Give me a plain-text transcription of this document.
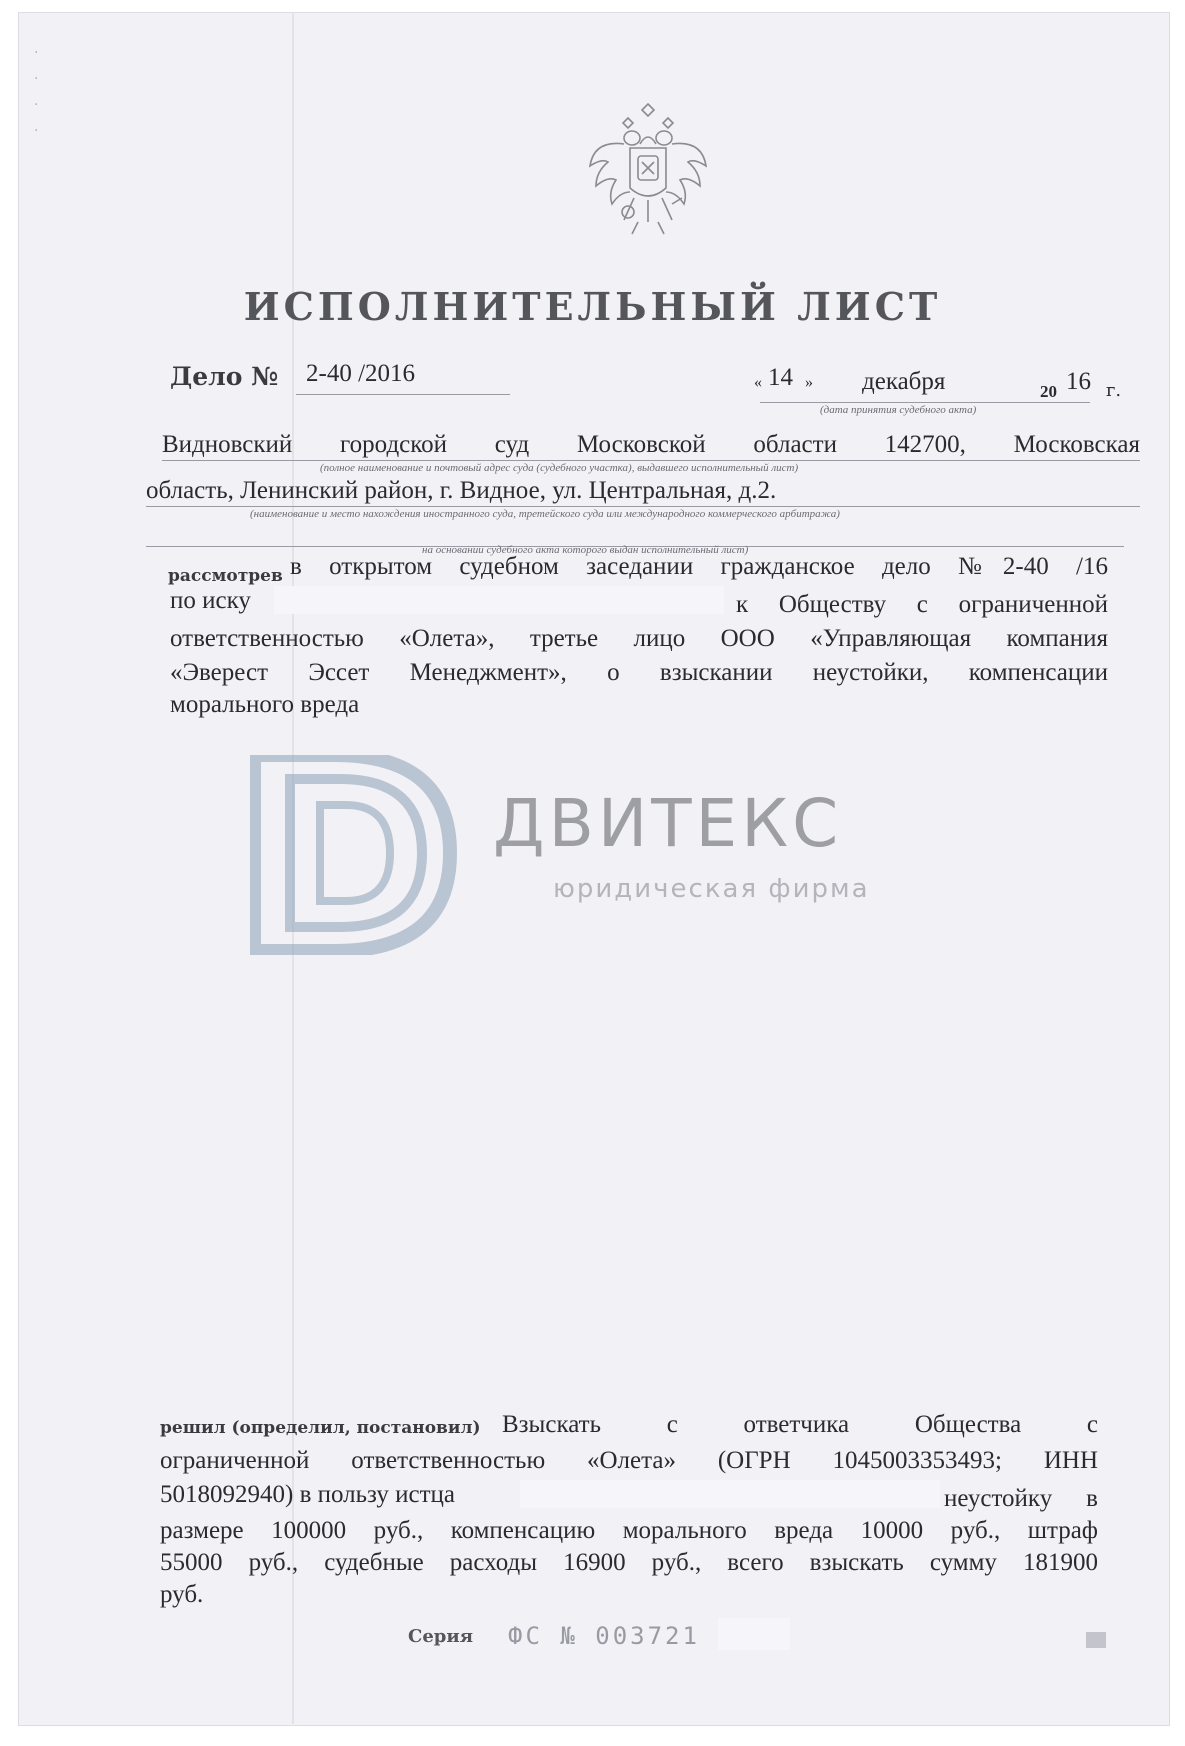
·
·
·
·
ИСПОЛНИТЕЛЬНЫЙ ЛИСТ
Дело № 2-40 /2016	« 14 » декабря	20 16 г.
(дата принятия судебного акта)
Видновский городской суд Московской области 142700, Московская
(полное наименование и почтовый адрес суда (судебного участка), выдавшего исполнительный лист)
область, Ленинский район, г. Видное, ул. Центральная, д.2.
(наименование и место нахождения иностранного суда, третейского суда или международного коммерческого арбитража)
на основании судебного акта которого выдан исполнительный лист)
рассмотрев в открытом судебном заседании гражданское дело №2-40 /16
по иску	к Обществу с ограниченной
ответственностью «Олета», третье лицо ООО «Управляющая компания
«Эверест Эссет Менеджмент», о взыскании неустойки, компенсации
морального вреда
ДВИТЕКС
юридическая фирма
решил (определил, постановил) Взыскать с ответчика Общества с
ограниченной ответственностью «Олета» (ОГРН 1045003353493; ИНН
5018092940) в пользу истца	неустойку в
размере 100000 руб., компенсацию морального вреда 10000 руб., штраф
55000 руб., судебные расходы 16900 руб., всего взыскать сумму 181900
руб.
Серия ФС № 003721
